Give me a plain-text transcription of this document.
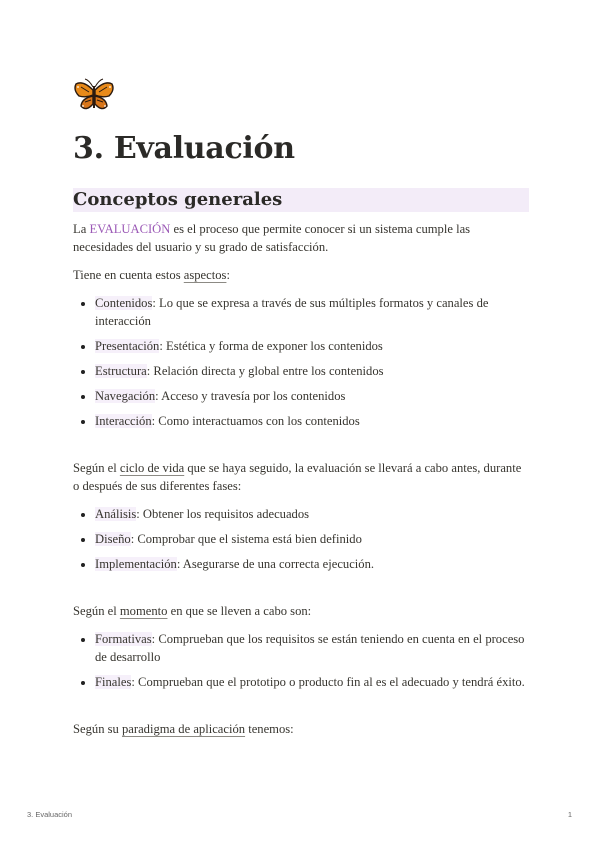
3. Evaluación
Conceptos generales

La EVALUACIÓN es el proceso que permite conocer si un sistema cumple las necesidades del usuario y su grado de satisfacción.

Tiene en cuenta estos aspectos:

• Contenidos: Lo que se expresa a través de sus múltiples formatos y canales de interacción
• Presentación: Estética y forma de exponer los contenidos
• Estructura: Relación directa y global entre los contenidos
• Navegación: Acceso y travesía por los contenidos
• Interacción: Como interactuamos con los contenidos

Según el ciclo de vida que se haya seguido, la evaluación se llevará a cabo antes, durante o después de sus diferentes fases:

• Análisis: Obtener los requisitos adecuados
• Diseño: Comprobar que el sistema está bien definido
• Implementación: Asegurarse de una correcta ejecución.

Según el momento en que se lleven a cabo son:

• Formativas: Comprueban que los requisitos se están teniendo en cuenta en el proceso de desarrollo
• Finales: Comprueban que el prototipo o producto fin al es el adecuado y tendrá éxito.

Según su paradigma de aplicación tenemos:

3. Evaluación	1
